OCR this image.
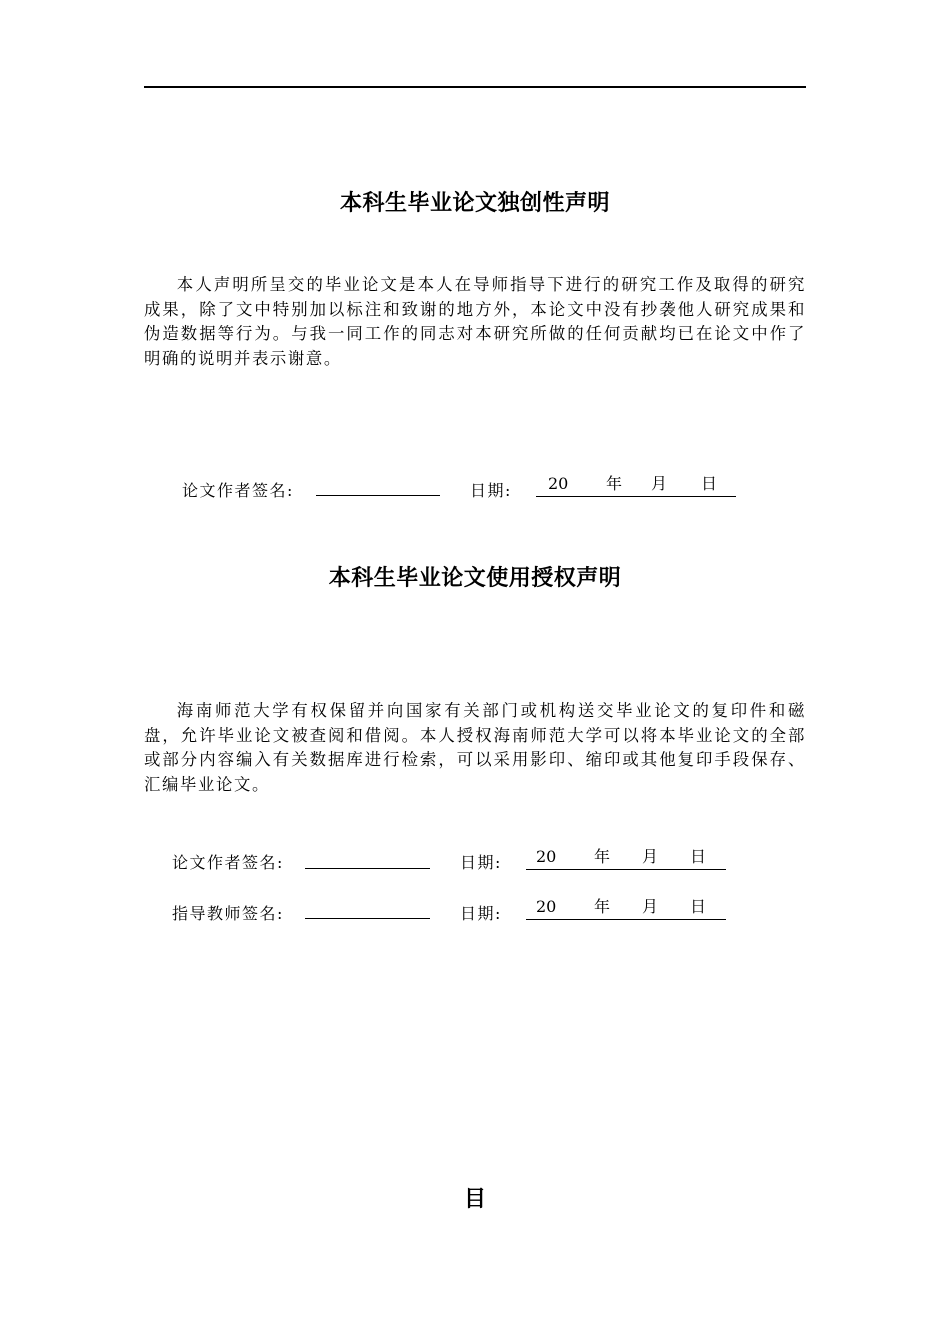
本科生毕业论文独创性声明
本人声明所呈交的毕业论文是本人在导师指导下进行的研究工作及取得的研究成果，除了文中特别加以标注和致谢的地方外，本论文中没有抄袭他人研究成果和伪造数据等行为。与我一同工作的同志对本研究所做的任何贡献均已在论文中作了明确的说明并表示谢意。
论文作者签名:	日期: 20 年 月 日
本科生毕业论文使用授权声明
海南师范大学有权保留并向国家有关部门或机构送交毕业论文的复印件和磁盘，允许毕业论文被查阅和借阅。本人授权海南师范大学可以将本毕业论文的全部或部分内容编入有关数据库进行检索，可以采用影印、缩印或其他复印手段保存、汇编毕业论文。
论文作者签名:	日期: 20 年 月 日
指导教师签名:	日期: 20 年 月 日
目
